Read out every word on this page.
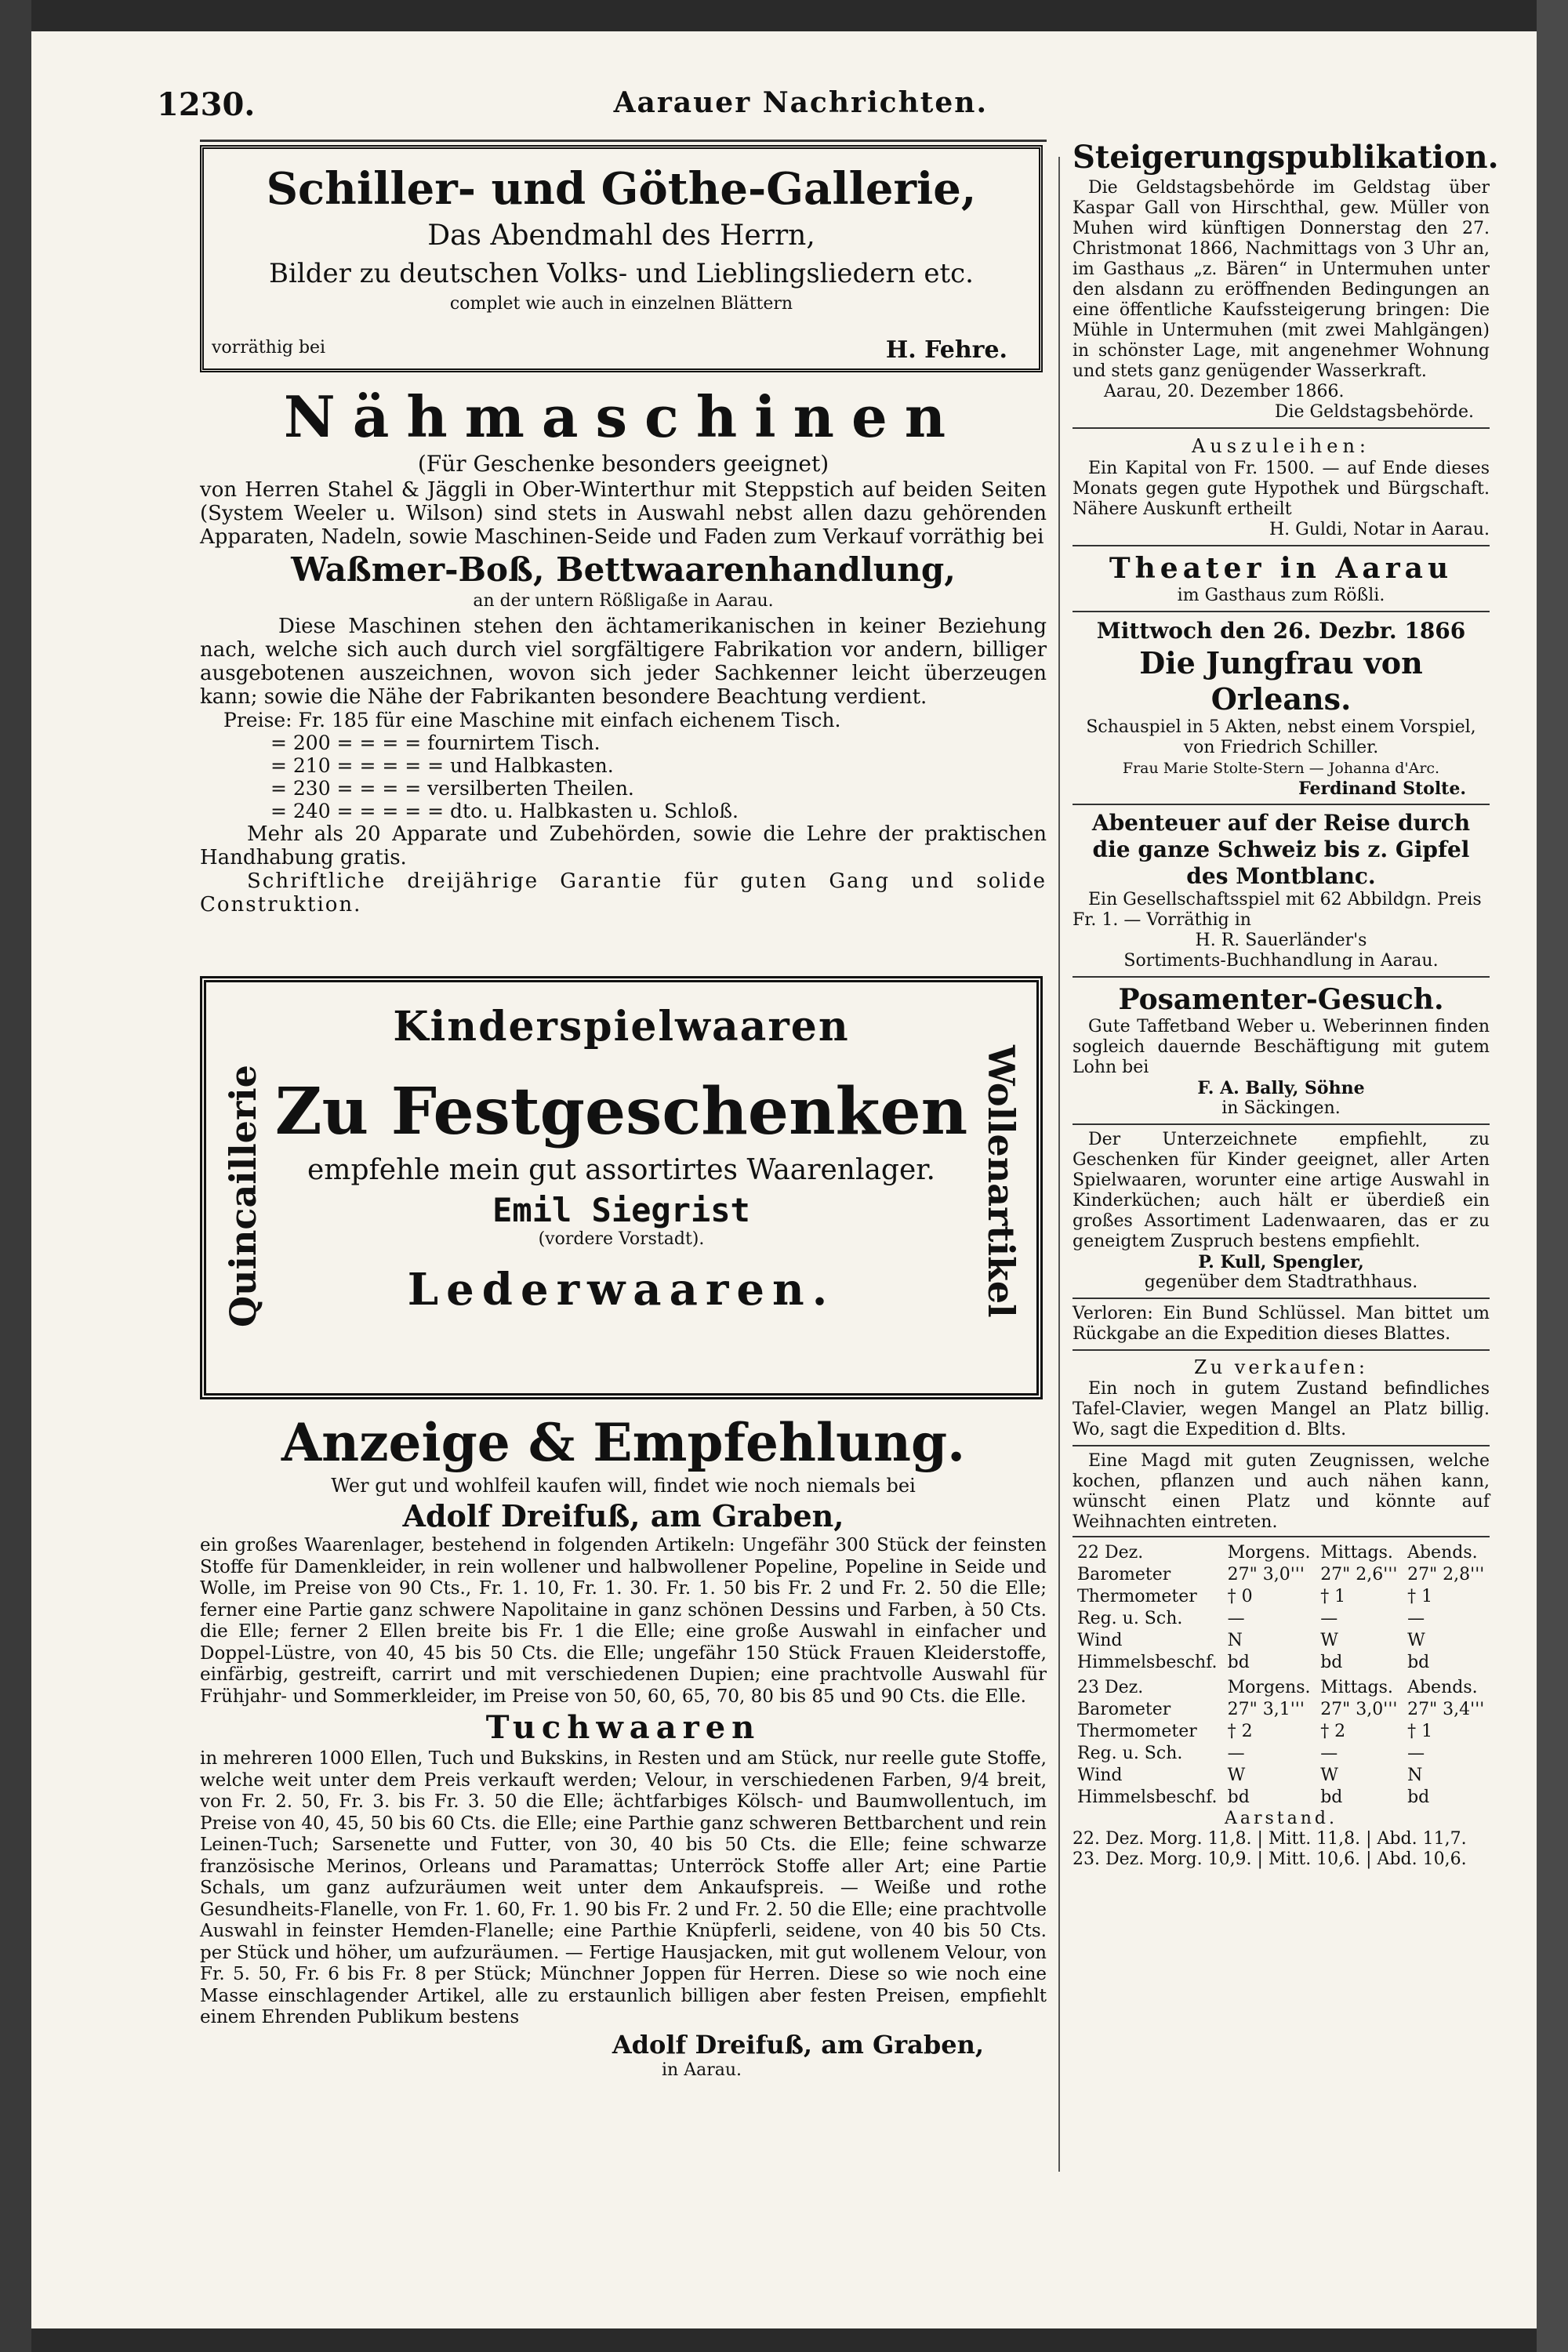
1230.	Aarauer Nachrichten.
Schiller- und Göthe-Gallerie,
Das Abendmahl des Herrn,
Bilder zu deutschen Volks- und Lieblingsliedern etc.
complet wie auch in einzelnen Blättern
vorräthig bei	H. Fehre.
Nähmaschinen
(Für Geschenke besonders geeignet)
von Herren Stahel & Jäggli in Ober-Winterthur mit Steppstich auf beiden Seiten (System Weeler u. Wilson) sind stets in Auswahl nebst allen dazu gehörenden Apparaten, Nadeln, sowie Maschinen-Seide und Faden zum Verkauf vorräthig bei
Waßmer-Boß, Bettwaarenhandlung,
an der untern Rößligaße in Aarau.
Diese Maschinen stehen den ächtamerikanischen in keiner Beziehung nach, welche sich auch durch viel sorgfältigere Fabrikation vor andern, billiger ausgebotenen auszeichnen, wovon sich jeder Sachkenner leicht überzeugen kann; sowie die Nähe der Fabrikanten besondere Beachtung verdient.
Preise: Fr. 185 für eine Maschine mit einfach eichenem Tisch.
= 200 = = = = fournirtem Tisch.
= 210 = = = = = und Halbkasten.
= 230 = = = = versilberten Theilen.
= 240 = = = = = dto. u. Halbkasten u. Schloß.
Mehr als 20 Apparate und Zubehörden, sowie die Lehre der praktischen Handhabung gratis.
Schriftliche dreijährige Garantie für guten Gang und solide Construktion.
Kinderspielwaaren
Quincaillerie	Wollenartikel
Zu Festgeschenken
empfehle mein gut assortirtes Waarenlager.
Emil Siegrist
(vordere Vorstadt).
Lederwaaren.
Anzeige & Empfehlung.
Wer gut und wohlfeil kaufen will, findet wie noch niemals bei
Adolf Dreifuß, am Graben,
ein großes Waarenlager, bestehend in folgenden Artikeln: Ungefähr 300 Stück der feinsten Stoffe für Damenkleider, in rein wollener und halbwollener Popeline, Popeline in Seide und Wolle, im Preise von 90 Cts., Fr. 1. 10, Fr. 1. 30. Fr. 1. 50 bis Fr. 2 und Fr. 2. 50 die Elle; ferner eine Partie ganz schwere Napolitaine in ganz schönen Dessins und Farben, à 50 Cts. die Elle; ferner 2 Ellen breite bis Fr. 1 die Elle; eine große Auswahl in einfacher und Doppel-Lüstre, von 40, 45 bis 50 Cts. die Elle; ungefähr 150 Stück Frauen Kleiderstoffe, einfärbig, gestreift, carrirt und mit verschiedenen Dupien; eine prachtvolle Auswahl für Frühjahr- und Sommerkleider, im Preise von 50, 60, 65, 70, 80 bis 85 und 90 Cts. die Elle.
Tuchwaaren
in mehreren 1000 Ellen, Tuch und Bukskins, in Resten und am Stück, nur reelle gute Stoffe, welche weit unter dem Preis verkauft werden; Velour, in verschiedenen Farben, 9/4 breit, von Fr. 2. 50, Fr. 3. bis Fr. 3. 50 die Elle; ächtfarbiges Kölsch- und Baumwollentuch, im Preise von 40, 45, 50 bis 60 Cts. die Elle; eine Parthie ganz schweren Bettbarchent und rein Leinen-Tuch; Sarsenette und Futter, von 30, 40 bis 50 Cts. die Elle; feine schwarze französische Merinos, Orleans und Paramattas; Unterröck Stoffe aller Art; eine Partie Schals, um ganz aufzuräumen weit unter dem Ankaufspreis. — Weiße und rothe Gesundheits-Flanelle, von Fr. 1. 60, Fr. 1. 90 bis Fr. 2 und Fr. 2. 50 die Elle; eine prachtvolle Auswahl in feinster Hemden-Flanelle; eine Parthie Knüpferli, seidene, von 40 bis 50 Cts. per Stück und höher, um aufzuräumen. — Fertige Hausjacken, mit gut wollenem Velour, von Fr. 5. 50, Fr. 6 bis Fr. 8 per Stück; Münchner Joppen für Herren. Diese so wie noch eine Masse einschlagender Artikel, alle zu erstaunlich billigen aber festen Preisen, empfiehlt einem Ehrenden Publikum bestens
Adolf Dreifuß, am Graben,
in Aarau.
Steigerungspublikation.
Die Geldstagsbehörde im Geldstag über Kaspar Gall von Hirschthal, gew. Müller von Muhen wird künftigen Donnerstag den 27. Christmonat 1866, Nachmittags von 3 Uhr an, im Gasthaus „z. Bären“ in Untermuhen unter den alsdann zu eröffnenden Bedingungen an eine öffentliche Kaufssteigerung bringen: Die Mühle in Untermuhen (mit zwei Mahlgängen) in schönster Lage, mit angenehmer Wohnung und stets ganz genügender Wasserkraft.
Aarau, 20. Dezember 1866.
Die Geldstagsbehörde.
Auszuleihen:
Ein Kapital von Fr. 1500. — auf Ende dieses Monats gegen gute Hypothek und Bürgschaft. Nähere Auskunft ertheilt
H. Guldi, Notar in Aarau.
Theater in Aarau
im Gasthaus zum Rößli.
Mittwoch den 26. Dezbr. 1866
Die Jungfrau von Orleans.
Schauspiel in 5 Akten, nebst einem Vorspiel, von Friedrich Schiller.
Frau Marie Stolte-Stern — Johanna d'Arc.
Ferdinand Stolte.
Abenteuer auf der Reise durch die ganze Schweiz bis z. Gipfel des Montblanc.
Ein Gesellschaftsspiel mit 62 Abbildgn. Preis Fr. 1. — Vorräthig in
H. R. Sauerländer's
Sortiments-Buchhandlung in Aarau.
Posamenter-Gesuch.
Gute Taffetband Weber u. Weberinnen finden sogleich dauernde Beschäftigung mit gutem Lohn bei
F. A. Bally, Söhne
in Säckingen.
Der Unterzeichnete empfiehlt, zu Geschenken für Kinder geeignet, aller Arten Spielwaaren, worunter eine artige Auswahl in Kinderküchen; auch hält er überdieß ein großes Assortiment Ladenwaaren, das er zu geneigtem Zuspruch bestens empfiehlt.
P. Kull, Spengler,
gegenüber dem Stadtrathhaus.
Verloren: Ein Bund Schlüssel. Man bittet um Rückgabe an die Expedition dieses Blattes.
Zu verkaufen:
Ein noch in gutem Zustand befindliches Tafel-Clavier, wegen Mangel an Platz billig. Wo, sagt die Expedition d. Blts.
Eine Magd mit guten Zeugnissen, welche kochen, pflanzen und auch nähen kann, wünscht einen Platz und könnte auf Weihnachten eintreten.
22 Dez.	Morgens.	Mittags.	Abends.
Barometer	27" 3,0'''	27" 2,6'''	27" 2,8'''
Thermometer	† 0	† 1	† 1
Reg. u. Sch.	—	—	—
Wind	N	W	W
Himmelsbeschf.	bd	bd	bd
23 Dez.	Morgens.	Mittags.	Abends.
Barometer	27" 3,1'''	27" 3,0'''	27" 3,4'''
Thermometer	† 2	† 2	† 1
Reg. u. Sch.	—	—	—
Wind	W	W	N
Himmelsbeschf.	bd	bd	bd
Aarstand.
22. Dez. Morg. 11,8. | Mitt. 11,8. | Abd. 11,7.
23. Dez. Morg. 10,9. | Mitt. 10,6. | Abd. 10,6.
